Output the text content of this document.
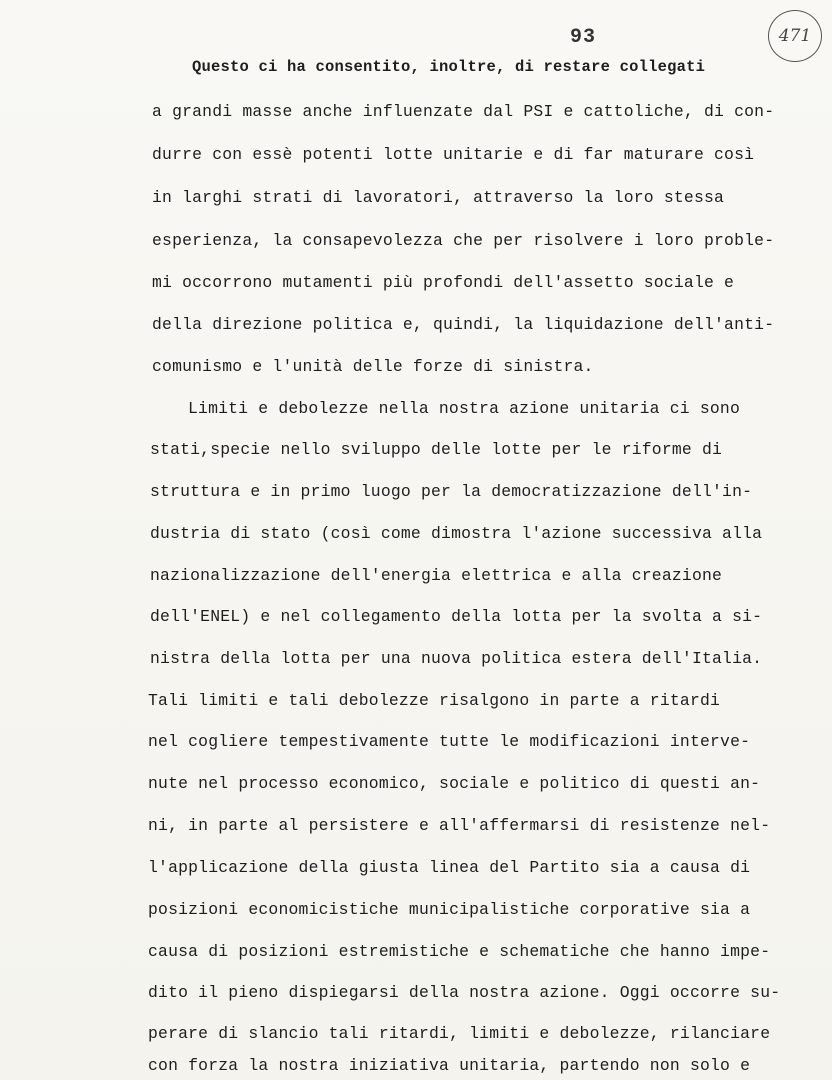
471
93
Questo ci ha consentito, inoltre, di restare collegati
a grandi masse anche influenzate dal PSI e cattoliche, di con-
durre con essè potenti lotte unitarie e di far maturare così
in larghi strati di lavoratori, attraverso la loro stessa
esperienza, la consapevolezza che per risolvere i loro proble-
mi occorrono mutamenti più profondi dell'assetto sociale e
della direzione politica e, quindi, la liquidazione dell'anti-
comunismo e l'unità delle forze di sinistra.
Limiti e debolezze nella nostra azione unitaria ci sono
stati,specie nello sviluppo delle lotte per le riforme di
struttura e in primo luogo per la democratizzazione dell'in-
dustria di stato (così come dimostra l'azione successiva alla
nazionalizzazione dell'energia elettrica e alla creazione
dell'ENEL) e nel collegamento della lotta per la svolta a si-
nistra della lotta per una nuova politica estera dell'Italia.
Tali limiti e tali debolezze risalgono in parte a ritardi
nel cogliere tempestivamente tutte le modificazioni interve-
nute nel processo economico, sociale e politico di questi an-
ni, in parte al persistere e all'affermarsi di resistenze nel-
l'applicazione della giusta linea del Partito sia a causa di
posizioni economicistiche municipalistiche corporative sia a
causa di posizioni estremistiche e schematiche che hanno impe-
dito il pieno dispiegarsi della nostra azione. Oggi occorre su-
perare di slancio tali ritardi, limiti e debolezze, rilanciare
con forza la nostra iniziativa unitaria, partendo non solo e
